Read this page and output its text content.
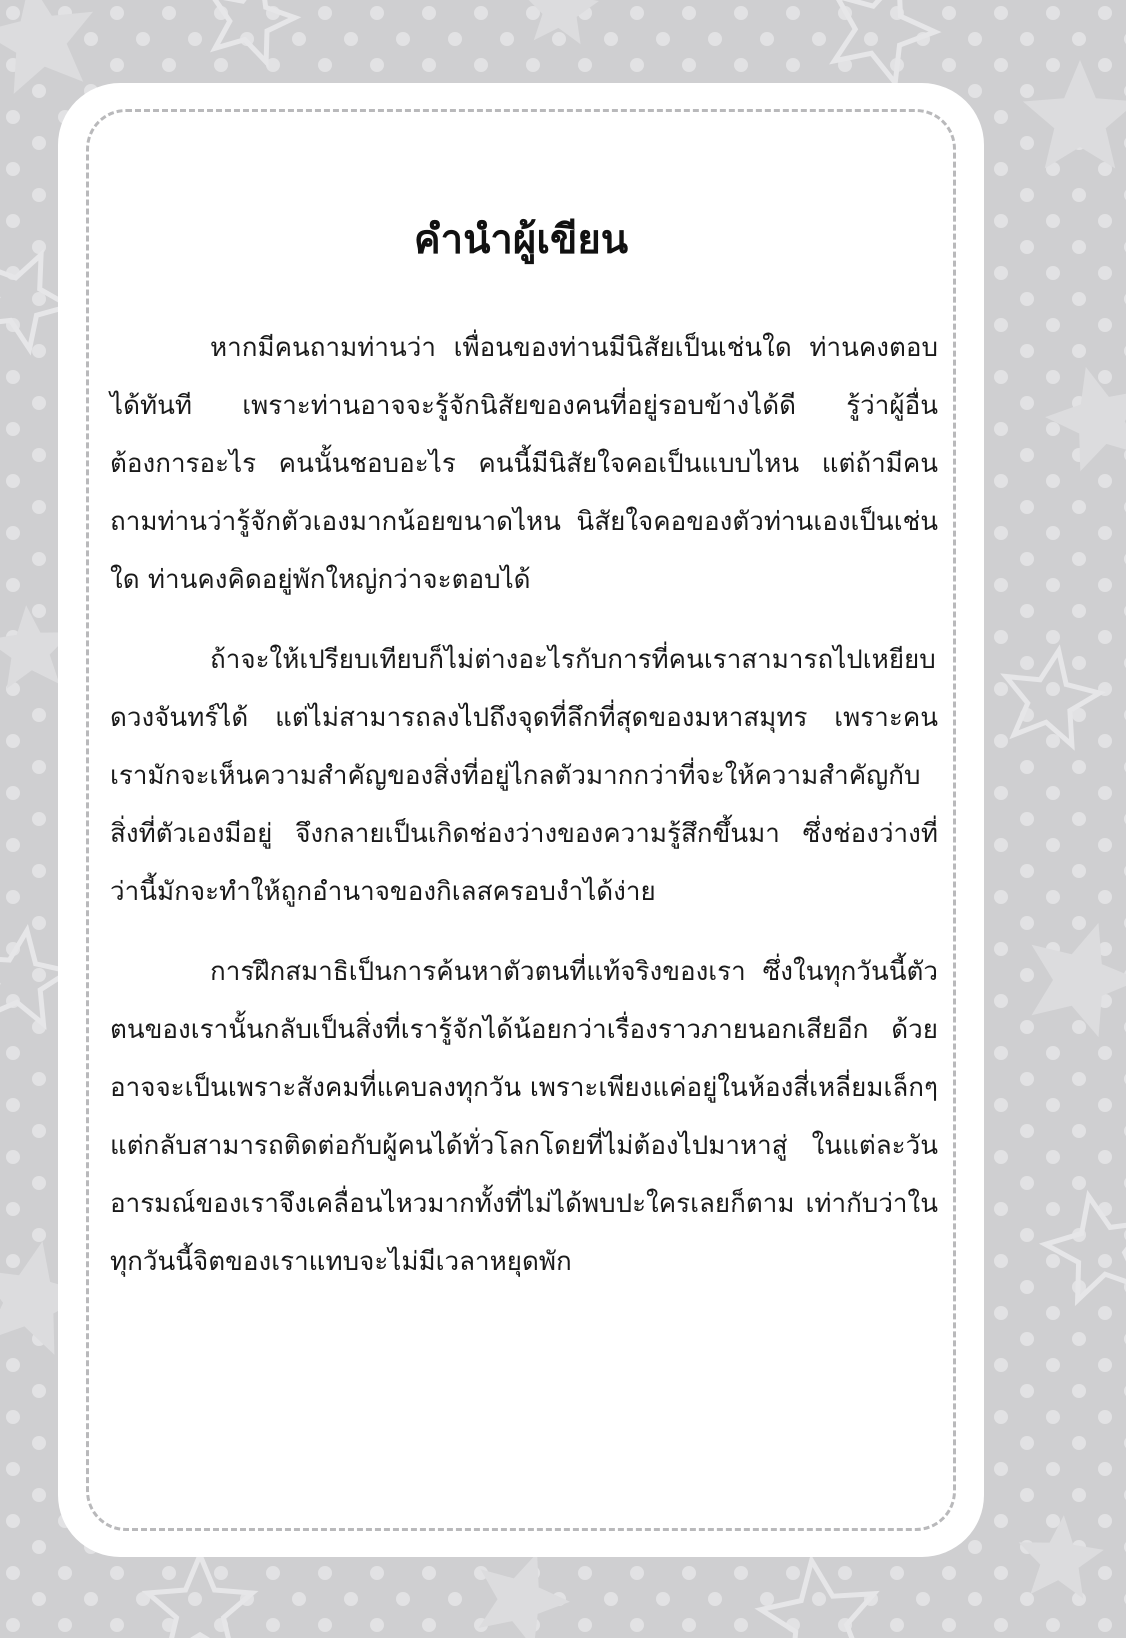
คำนำผู้เขียน

หากมีคนถามท่านว่า เพื่อนของท่านมีนิสัยเป็นเช่นใด ท่านคงตอบได้ทันที เพราะท่านอาจจะรู้จักนิสัยของคนที่อยู่รอบข้างได้ดี รู้ว่าผู้อื่นต้องการอะไร คนนั้นชอบอะไร คนนี้มีนิสัยใจคอเป็นแบบไหน แต่ถ้ามีคนถามท่านว่ารู้จักตัวเองมากน้อยขนาดไหน นิสัยใจคอของตัวท่านเองเป็นเช่นใด ท่านคงคิดอยู่พักใหญ่กว่าจะตอบได้

ถ้าจะให้เปรียบเทียบก็ไม่ต่างอะไรกับการที่คนเราสามารถไปเหยียบดวงจันทร์ได้ แต่ไม่สามารถลงไปถึงจุดที่ลึกที่สุดของมหาสมุทร เพราะคนเรามักจะเห็นความสำคัญของสิ่งที่อยู่ไกลตัวมากกว่าที่จะให้ความสำคัญกับสิ่งที่ตัวเองมีอยู่ จึงกลายเป็นเกิดช่องว่างของความรู้สึกขึ้นมา ซึ่งช่องว่างที่ว่านี้มักจะทำให้ถูกอำนาจของกิเลสครอบงำได้ง่าย

การฝึกสมาธิเป็นการค้นหาตัวตนที่แท้จริงของเรา ซึ่งในทุกวันนี้ตัวตนของเรานั้นกลับเป็นสิ่งที่เรารู้จักได้น้อยกว่าเรื่องราวภายนอกเสียอีก ด้วยอาจจะเป็นเพราะสังคมที่แคบลงทุกวัน เพราะเพียงแค่อยู่ในห้องสี่เหลี่ยมเล็กๆ แต่กลับสามารถติดต่อกับผู้คนได้ทั่วโลกโดยที่ไม่ต้องไปมาหาสู่ ในแต่ละวันอารมณ์ของเราจึงเคลื่อนไหวมากทั้งที่ไม่ได้พบปะใครเลยก็ตาม เท่ากับว่าในทุกวันนี้จิตของเราแทบจะไม่มีเวลาหยุดพัก
